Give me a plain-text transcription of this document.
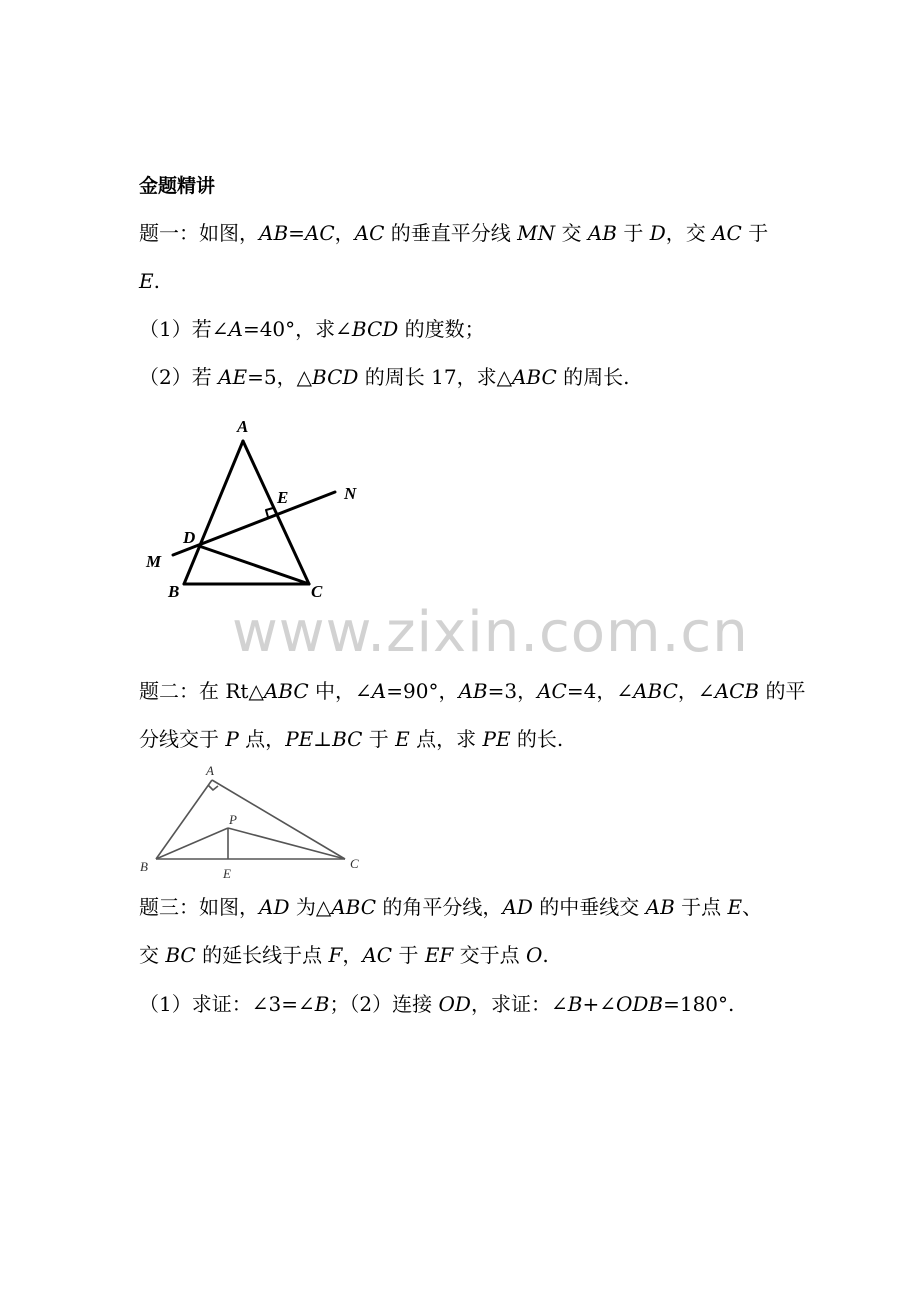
金题精讲
题一：如图，AB=AC，AC 的垂直平分线 MN 交 AB 于 D，交 AC 于
E.
（1）若∠A=40°，求∠BCD 的度数；
（2）若 AE=5，△BCD 的周长 17，求△ABC 的周长.
A
B	C
D
E
M
N
www.zixin.com.cn
题二：在 Rt△ABC 中，∠A=90°，AB=3，AC=4，∠ABC，∠ACB 的平
分线交于 P 点，PE⊥BC 于 E 点，求 PE 的长.
A
B	C
P
E
题三：如图，AD 为△ABC 的角平分线，AD 的中垂线交 AB 于点 E、
交 BC 的延长线于点 F，AC 于 EF 交于点 O.
（1）求证：∠3=∠B；（2）连接 OD，求证：∠B+∠ODB=180°.
